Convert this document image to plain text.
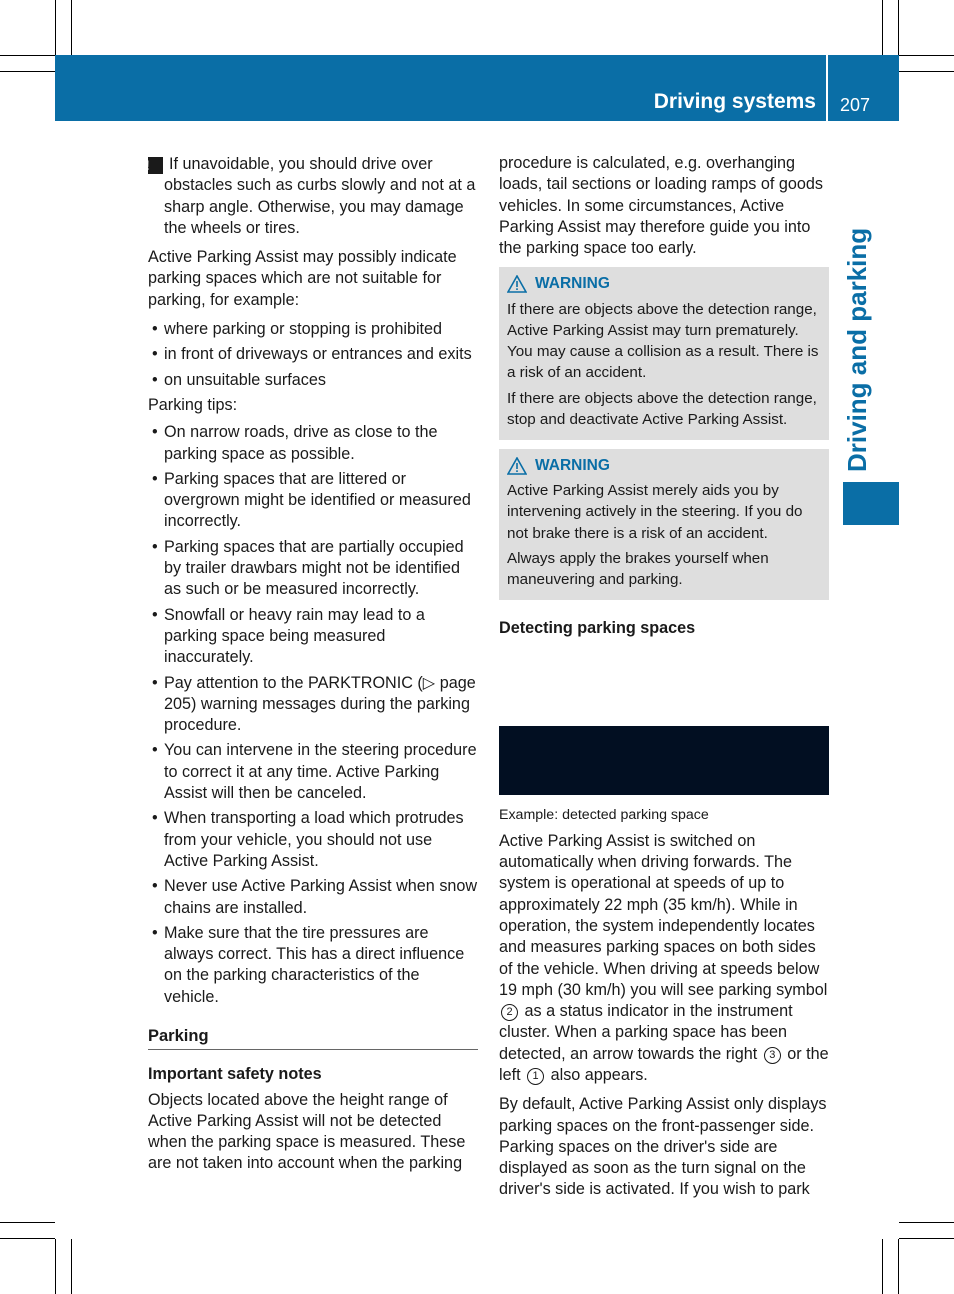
Driving systems 207
Driving and parking

! If unavoidable, you should drive over obstacles such as curbs slowly and not at a sharp angle. Otherwise, you may damage the wheels or tires.

Active Parking Assist may possibly indicate parking spaces which are not suitable for parking, for example:

• where parking or stopping is prohibited
• in front of driveways or entrances and exits
• on unsuitable surfaces

Parking tips:

• On narrow roads, drive as close to the parking space as possible.
• Parking spaces that are littered or overgrown might be identified or measured incorrectly.
• Parking spaces that are partially occupied by trailer drawbars might not be identified as such or be measured incorrectly.
• Snowfall or heavy rain may lead to a parking space being measured inaccurately.
• Pay attention to the PARKTRONIC (▷ page 205) warning messages during the parking procedure.
• You can intervene in the steering procedure to correct it at any time. Active Parking Assist will then be canceled.
• When transporting a load which protrudes from your vehicle, you should not use Active Parking Assist.
• Never use Active Parking Assist when snow chains are installed.
• Make sure that the tire pressures are always correct. This has a direct influence on the parking characteristics of the vehicle.
Parking
Important safety notes

Objects located above the height range of Active Parking Assist will not be detected when the parking space is measured. These are not taken into account when the parking

procedure is calculated, e.g. overhanging loads, tail sections or loading ramps of goods vehicles. In some circumstances, Active Parking Assist may therefore guide you into the parking space too early.

WARNING

If there are objects above the detection range, Active Parking Assist may turn prematurely. You may cause a collision as a result. There is a risk of an accident.

If there are objects above the detection range, stop and deactivate Active Parking Assist.

WARNING

Active Parking Assist merely aids you by intervening actively in the steering. If you do not brake there is a risk of an accident.

Always apply the brakes yourself when maneuvering and parking.

Detecting parking spaces

Example: detected parking space

Active Parking Assist is switched on automatically when driving forwards. The system is operational at speeds of up to approximately 22 mph (35 km/h). While in operation, the system independently locates and measures parking spaces on both sides of the vehicle. When driving at speeds below 19 mph (30 km/h) you will see parking symbol 2 as a status indicator in the instrument cluster. When a parking space has been detected, an arrow towards the right 3 or the left 1 also appears.

By default, Active Parking Assist only displays parking spaces on the front-passenger side. Parking spaces on the driver's side are displayed as soon as the turn signal on the driver's side is activated. If you wish to park
